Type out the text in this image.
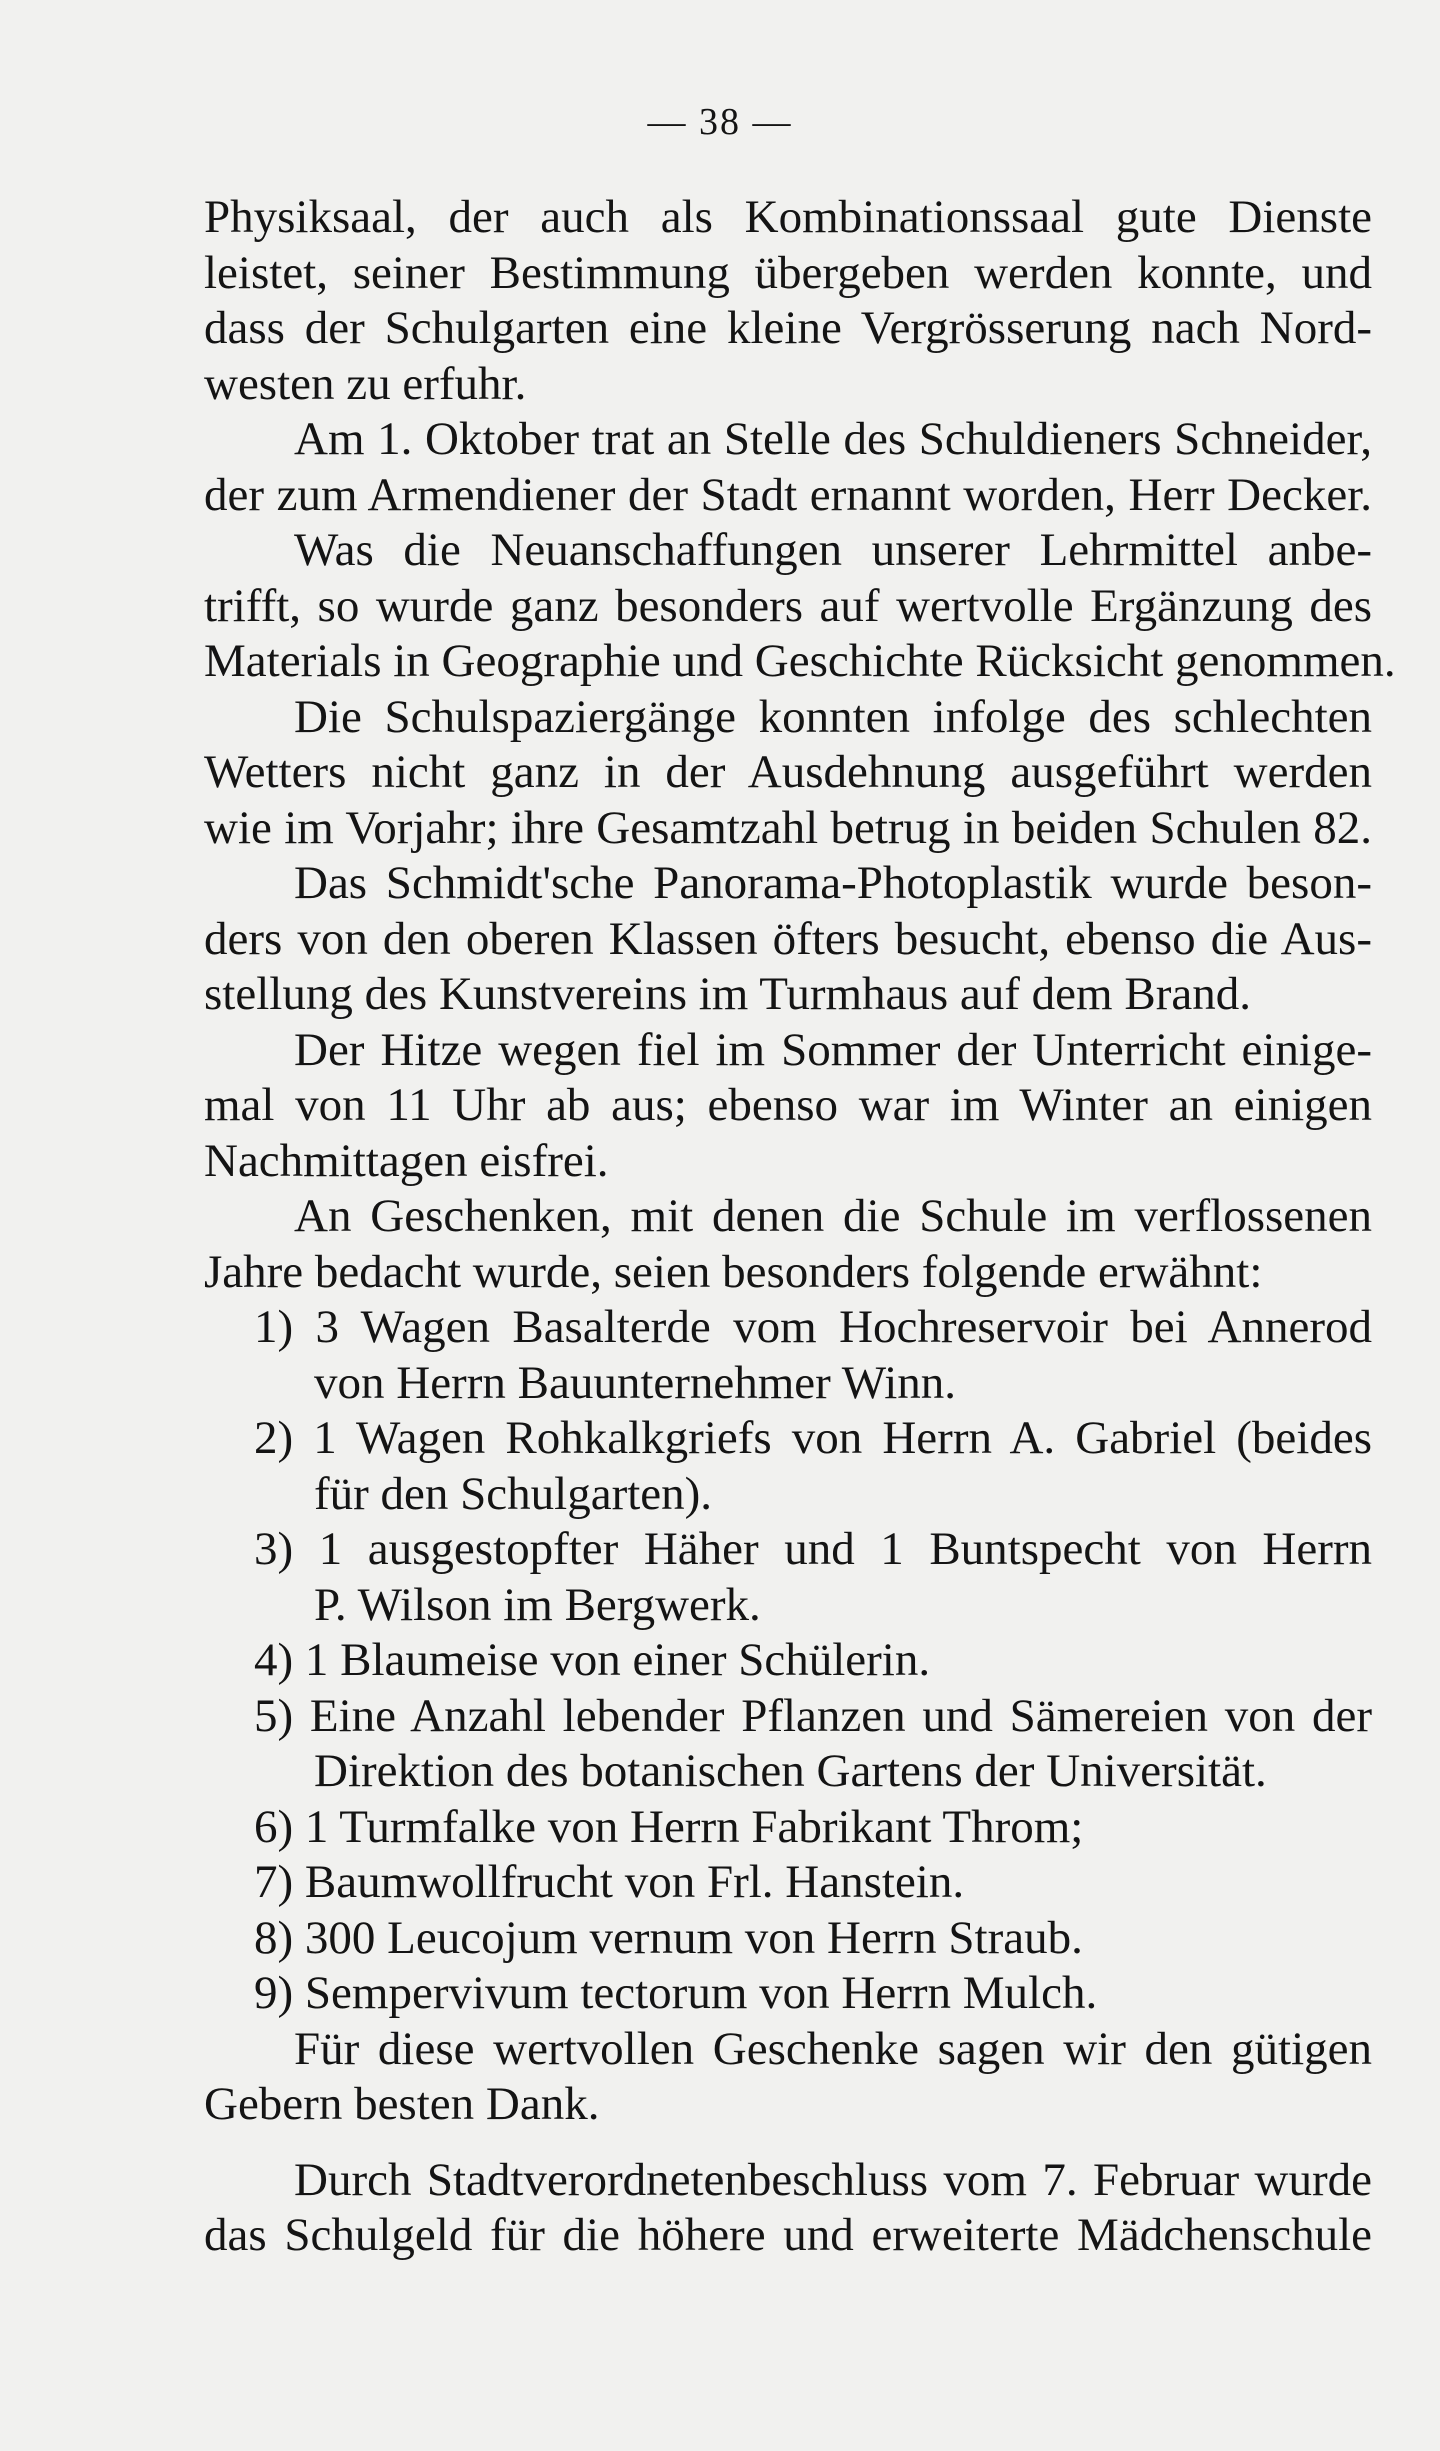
— 38 —
Physiksaal, der auch als Kombinationssaal gute Dienste
leistet, seiner Bestimmung übergeben werden konnte, und
dass der Schulgarten eine kleine Vergrösserung nach Nord-
westen zu erfuhr.
Am 1. Oktober trat an Stelle des Schuldieners Schneider,
der zum Armendiener der Stadt ernannt worden, Herr Decker.
Was die Neuanschaffungen unserer Lehrmittel anbe-
trifft, so wurde ganz besonders auf wertvolle Ergänzung des
Materials in Geographie und Geschichte Rücksicht genommen.
Die Schulspaziergänge konnten infolge des schlechten
Wetters nicht ganz in der Ausdehnung ausgeführt werden
wie im Vorjahr; ihre Gesamtzahl betrug in beiden Schulen 82.
Das Schmidt'sche Panorama-Photoplastik wurde beson-
ders von den oberen Klassen öfters besucht, ebenso die Aus-
stellung des Kunstvereins im Turmhaus auf dem Brand.
Der Hitze wegen fiel im Sommer der Unterricht einige-
mal von 11 Uhr ab aus; ebenso war im Winter an einigen
Nachmittagen eisfrei.
An Geschenken, mit denen die Schule im verflossenen
Jahre bedacht wurde, seien besonders folgende erwähnt:
1) 3 Wagen Basalterde vom Hochreservoir bei Annerod
von Herrn Bauunternehmer Winn.
2) 1 Wagen Rohkalkgriefs von Herrn A. Gabriel (beides
für den Schulgarten).
3) 1 ausgestopfter Häher und 1 Buntspecht von Herrn
P. Wilson im Bergwerk.
4) 1 Blaumeise von einer Schülerin.
5) Eine Anzahl lebender Pflanzen und Sämereien von der
Direktion des botanischen Gartens der Universität.
6) 1 Turmfalke von Herrn Fabrikant Throm;
7) Baumwollfrucht von Frl. Hanstein.
8) 300 Leucojum vernum von Herrn Straub.
9) Sempervivum tectorum von Herrn Mulch.
Für diese wertvollen Geschenke sagen wir den gütigen
Gebern besten Dank.
Durch Stadtverordnetenbeschluss vom 7. Februar wurde
das Schulgeld für die höhere und erweiterte Mädchenschule
